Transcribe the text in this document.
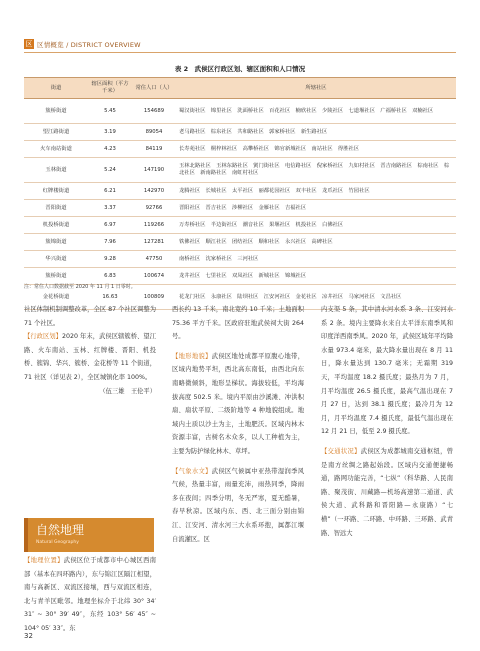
区 区情概览 / DISTRICT OVERVIEW
表 2　武侯区行政区划、辖区面积和人口情况
街道	辖区面积（平方千米）	常住人口（人）	所辖社区
簇桥街道	5.45	154689	蜀汉街社区　锦里社区　洗面桥社区　百花社区　楠欣社区　少陵社区　七道堰社区　广福桥社区　双楠社区
望江路街道	3.19	89054	老马路社区　棕东社区　共和路社区　郭家桥社区　新生路社区
火车南站街道	4.23	84119	长寿苑社区　桐梓林社区　高攀桥社区　锦官新城社区　南站社区　得胜社区
玉林街道	5.24	147190	玉林北路社区　玉林东路社区　黉门街社区　电信路社区　倪家桥社区　九如村社区　晋吉南路社区　棕南社区　棕北社区　新南路社区　南虹村社区
红牌楼街道	6.21	142970	龙腾社区　长城社区　太平社区　丽都花园社区　双丰社区　龙爪社区　竹园社区
晋阳街道	3.37	92766	晋阳社区　晋吉社区　涉柳社区　金雁社区　吉福社区
机投桥街道	6.97	119266	万寿桥社区　半边街社区　潮音社区　果堰社区　机投社区　白佛社区
簇锦街道	7.96	127281	铁佛社区　顺江社区　团结社区　顺和社区　永兴社区　高碑社区
华兴街道	9.28	47750	南桥社区　沈家桥社区　三河社区
簇桥街道	6.83	100674	龙井社区　七里社区　双凤社区　新城社区　锦城社区
金花桥街道	16.63	100809	花龙门社区　永康社区　陆坝社区　江安河社区　金花社区　凉井社区　马家河社区　文昌社区
注：常住人口数据截至 2020 年 11 月 1 日零时。

社区体制机制调整改革，全区 87 个社区调整为 71 个社区。

【行政区划】2020 年末，武侯区辖簇桥、望江路、火车南站、玉林、红牌楼、晋阳、机投桥、簇锦、华兴、簇桥、金花桥等 11 个街道，71 社区（详见表 2），全区城镇化率 100%。

（伍三雄　王伦平）

自然地理
Natural Geography

【地理位置】武侯区位于成都市中心城区西南部（基本在四环路内），东与锦江区隔江相望，南与高新区、双流区接壤，西与双流区相连，北与青羊区毗邻。地理坐标介于北纬 30° 34′ 31″ ~ 30° 39′ 49″，东经 103° 56′ 45″ ~ 104° 05′ 33″。东

西长约 13 千米，南北宽约 10 千米；土地面积 75.36 平方千米。区政府驻地武侯祠大街 264 号。

【地形地貌】武侯区地处成都平原腹心地带，区域内地势平坦，西北高东南低，由西北向东南略微倾斜，地形呈梯状。海拔较低，平均海拔高度 502.5 米。境内平原由沙溪滩、冲洪积扇、扇状平原、二级阶地等 4 种地貌组成。地域内土质以沙土为主，土地肥沃。区域内林木资源丰富，古树名木众多，以人工种植为主，主要为防护绿化林木、草坪。

【气象水文】武侯区气候属中亚热带湿润季风气候，热量丰富，雨量充沛，雨热同季，降雨多在夜间；四季分明，冬无严寒，夏无酷暑，春早秋凉。区域内东、西、北三面分别由锦江、江安河、清水河三大水系环抱，属都江堰自流灌区。区

内支渠 5 条，其中清水河水系 3 条、江安河水系 2 条。境内主要降水来自太平洋东南季风和印度洋西南季风。2020 年，武侯区域年平均降水量 973.4 毫米，最大降水量出现在 8 月 11 日，降水量达到 130.7 毫米；无霜期 319 天，平均温度 18.2 摄氏度；最热月为 7 月，月平均温度 26.5 摄氏度，最高气温出现在 7 月 27 日，达到 38.1 摄氏度；最冷月为 12 月，月平均温度 7.4 摄氏度，最低气温出现在 12 月 21 日，低至 2.9 摄氏度。

【交通状况】武侯区为成都城南交通枢纽，曾是南方丝绸之路起始段。区域内交通便捷畅通，路网功能完善，“七纵”（科华路、人民南路、聚茂街、川藏路—机场高速第二通道、武侯大道、武科路和晋阳路—永康路）“七横”（一环路、二环路、中环路、三环路、武青路、智远大

32
